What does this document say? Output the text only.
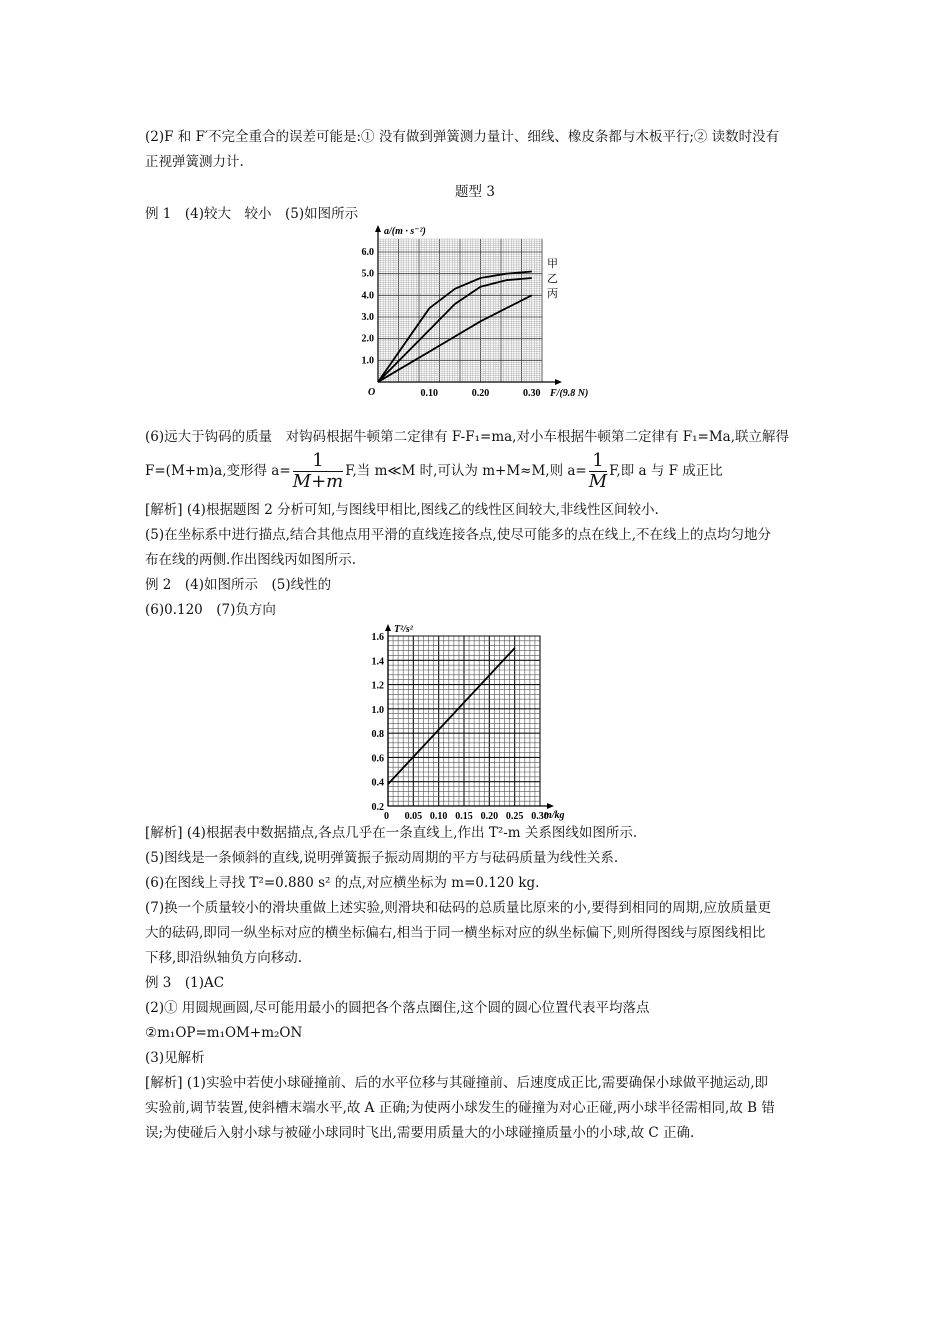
(2)F 和 F′不完全重合的误差可能是:① 没有做到弹簧测力量计、细线、橡皮条都与木板平行;② 读数时没有
正视弹簧测力计.
题型 3
例 1　(4)较大　较小　(5)如图所示
a/(m · s⁻²)
F/(9.8 N)
O
1.0
2.0
3.0
4.0
5.0
6.0
0.10	0.20	0.30
甲
乙
丙
(6)远大于钩码的质量　对钩码根据牛顿第二定律有 F-F₁=ma,对小车根据牛顿第二定律有 F₁=Ma,联立解得
F=(M+m)a,变形得 $a= \frac{1}{M+m} F$,当 m≪M 时,可认为 m+M≈M,则 $a= \frac{1}{M} F$,即 a 与 F 成正比
[解析] (4)根据题图 2 分析可知,与图线甲相比,图线乙的线性区间较大,非线性区间较小.
(5)在坐标系中进行描点,结合其他点用平滑的直线连接各点,使尽可能多的点在线上,不在线上的点均匀地分
布在线的两侧.作出图线丙如图所示.
例 2　(4)如图所示　(5)线性的
(6)0.120　(7)负方向
T²/s²
m/kg
0
0.2
0.4
0.6
0.8
1.0
1.2
1.4
1.6
0.05 0.10 0.15 0.20 0.25 0.30
[解析] (4)根据表中数据描点,各点几乎在一条直线上,作出 T²-m 关系图线如图所示.
(5)图线是一条倾斜的直线,说明弹簧振子振动周期的平方与砝码质量为线性关系.
(6)在图线上寻找 T²=0.880 s² 的点,对应横坐标为 m=0.120 kg.
(7)换一个质量较小的滑块重做上述实验,则滑块和砝码的总质量比原来的小,要得到相同的周期,应放质量更
大的砝码,即同一纵坐标对应的横坐标偏右,相当于同一横坐标对应的纵坐标偏下,则所得图线与原图线相比
下移,即沿纵轴负方向移动.
例 3　(1)AC
(2)① 用圆规画圆,尽可能用最小的圆把各个落点圈住,这个圆的圆心位置代表平均落点
②m₁OP=m₁OM+m₂ON
(3)见解析
[解析] (1)实验中若使小球碰撞前、后的水平位移与其碰撞前、后速度成正比,需要确保小球做平抛运动,即
实验前,调节装置,使斜槽末端水平,故 A 正确;为使两小球发生的碰撞为对心正碰,两小球半径需相同,故 B 错
误;为使碰后入射小球与被碰小球同时飞出,需要用质量大的小球碰撞质量小的小球,故 C 正确.
